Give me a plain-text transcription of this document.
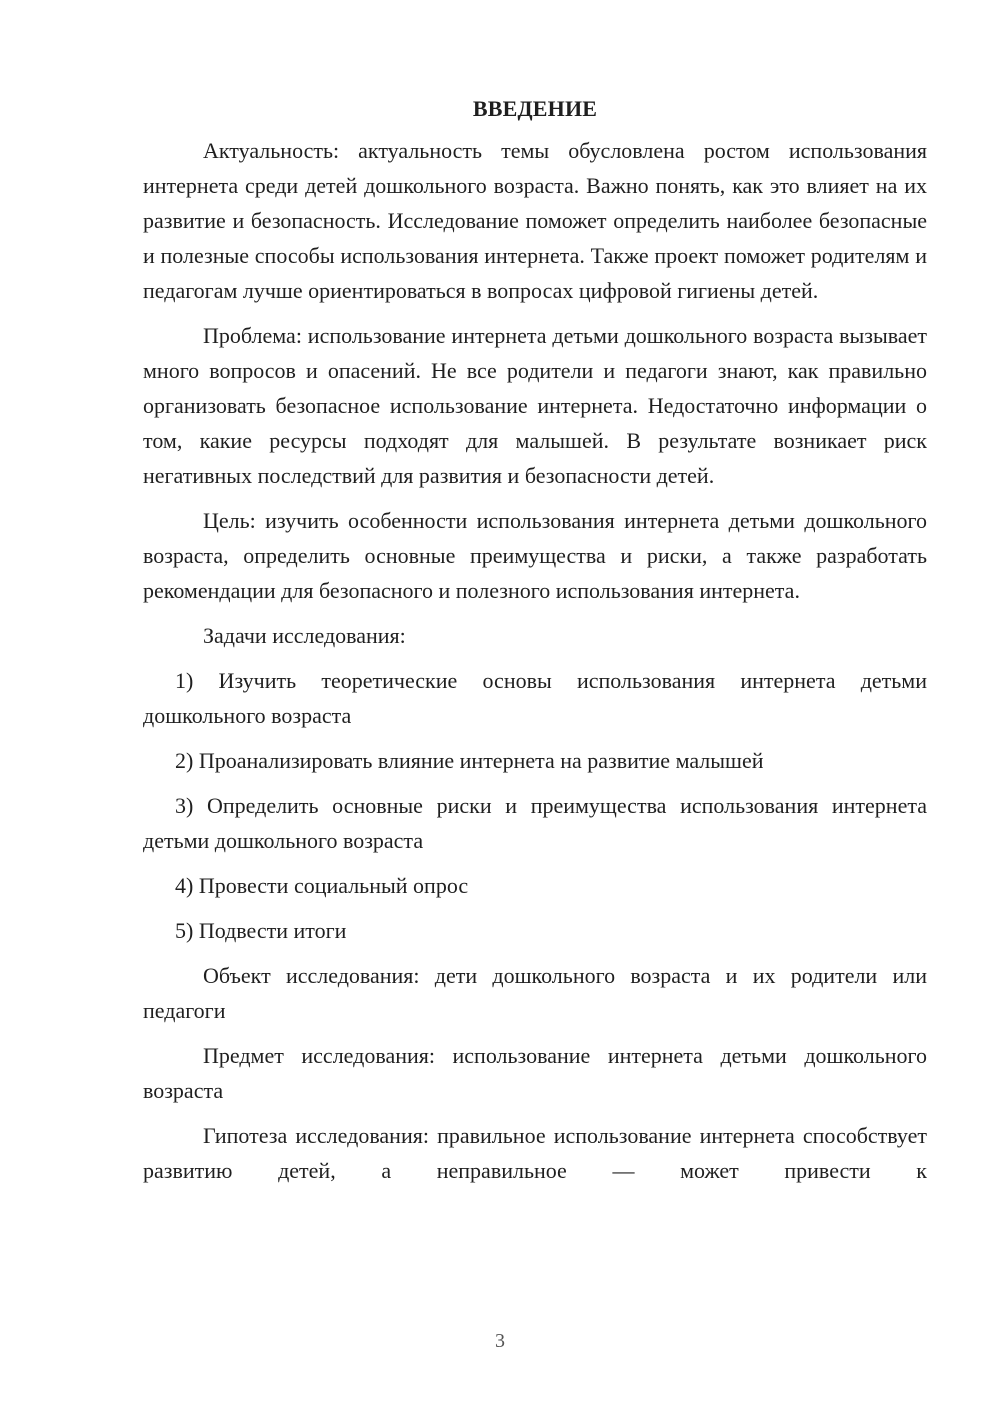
ВВЕДЕНИЕ

Актуальность: актуальность темы обусловлена ростом использования интернета среди детей дошкольного возраста. Важно понять, как это влияет на их развитие и безопасность. Исследование поможет определить наиболее безопасные и полезные способы использования интернета. Также проект поможет родителям и педагогам лучше ориентироваться в вопросах цифровой гигиены детей.

Проблема: использование интернета детьми дошкольного возраста вызывает много вопросов и опасений. Не все родители и педагоги знают, как правильно организовать безопасное использование интернета. Недостаточно информации о том, какие ресурсы подходят для малышей. В результате возникает риск негативных последствий для развития и безопасности детей.

Цель: изучить особенности использования интернета детьми дошкольного возраста, определить основные преимущества и риски, а также разработать рекомендации для безопасного и полезного использования интернета.

Задачи исследования:

1) Изучить теоретические основы использования интернета детьми дошкольного возраста

2) Проанализировать влияние интернета на развитие малышей

3) Определить основные риски и преимущества использования интернета детьми дошкольного возраста

4) Провести социальный опрос

5) Подвести итоги

Объект исследования: дети дошкольного возраста и их родители или педагоги

Предмет исследования: использование интернета детьми дошкольного возраста

Гипотеза исследования: правильное использование интернета способствует развитию детей, а неправильное — может привести к

3
